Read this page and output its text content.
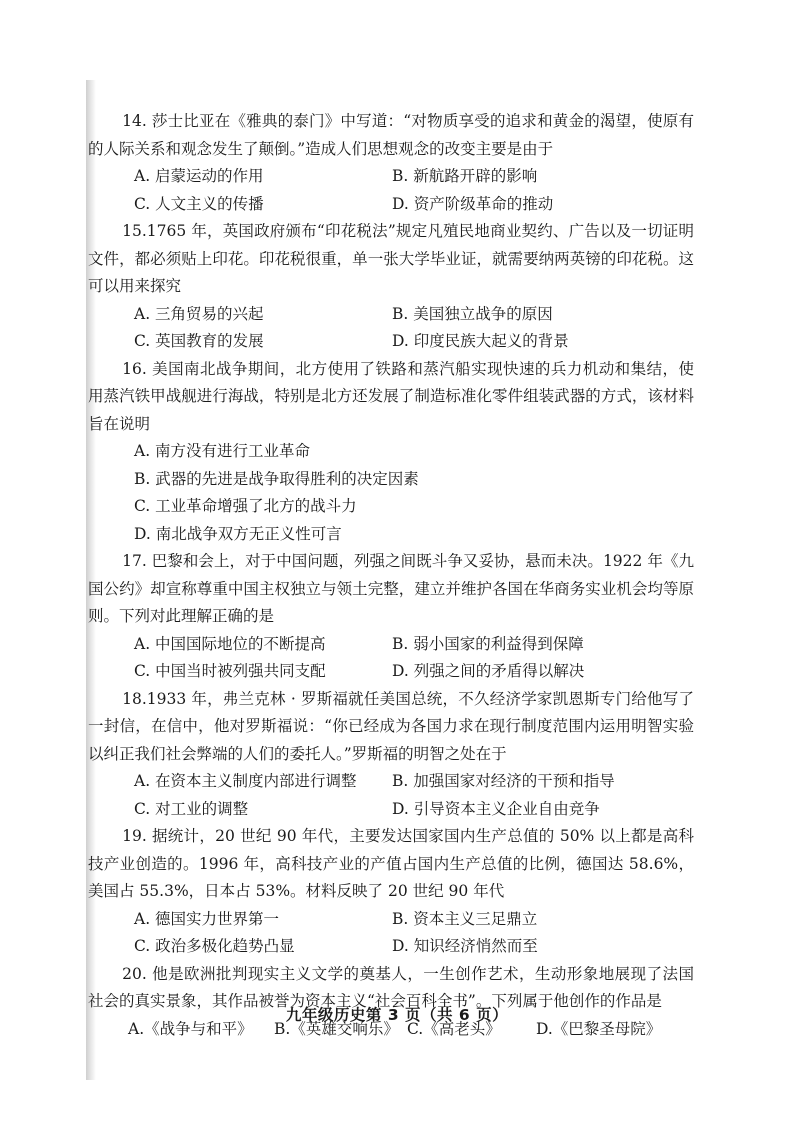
14. 莎士比亚在《雅典的泰门》中写道：“对物质享受的追求和黄金的渴望，使原有的人际关系和观念发生了颠倒。”造成人们思想观念的改变主要是由于

A. 启蒙运动的作用	B. 新航路开辟的影响
C. 人文主义的传播	D. 资产阶级革命的推动

15.1765 年，英国政府颁布“印花税法”规定凡殖民地商业契约、广告以及一切证明文件，都必须贴上印花。印花税很重，单一张大学毕业证，就需要纳两英镑的印花税。这可以用来探究

A. 三角贸易的兴起	B. 美国独立战争的原因
C. 英国教育的发展	D. 印度民族大起义的背景

16. 美国南北战争期间，北方使用了铁路和蒸汽船实现快速的兵力机动和集结，使用蒸汽铁甲战舰进行海战，特别是北方还发展了制造标准化零件组装武器的方式，该材料旨在说明

A. 南方没有进行工业革命
B. 武器的先进是战争取得胜利的决定因素
C. 工业革命增强了北方的战斗力
D. 南北战争双方无正义性可言

17. 巴黎和会上，对于中国问题，列强之间既斗争又妥协，悬而未决。1922 年《九国公约》却宣称尊重中国主权独立与领土完整，建立并维护各国在华商务实业机会均等原则。下列对此理解正确的是

A. 中国国际地位的不断提高	B. 弱小国家的利益得到保障
C. 中国当时被列强共同支配	D. 列强之间的矛盾得以解决

18.1933 年，弗兰克林 · 罗斯福就任美国总统，不久经济学家凯恩斯专门给他写了一封信，在信中，他对罗斯福说：“你已经成为各国力求在现行制度范围内运用明智实验以纠正我们社会弊端的人们的委托人。”罗斯福的明智之处在于

A. 在资本主义制度内部进行调整	B. 加强国家对经济的干预和指导
C. 对工业的调整	D. 引导资本主义企业自由竞争

19. 据统计，20 世纪 90 年代，主要发达国家国内生产总值的 50% 以上都是高科技产业创造的。1996 年，高科技产业的产值占国内生产总值的比例，德国达 58.6%，美国占 55.3%，日本占 53%。材料反映了 20 世纪 90 年代

A. 德国实力世界第一	B. 资本主义三足鼎立
C. 政治多极化趋势凸显	D. 知识经济悄然而至

20. 他是欧洲批判现实主义文学的奠基人，一生创作艺术，生动形象地展现了法国社会的真实景象，其作品被誉为资本主义“社会百科全书”。下列属于他创作的作品是

A.《战争与和平》	B.《英雄交响乐》 C.《高老头》	D.《巴黎圣母院》
九年级历史第 3 页（共 6 页）
